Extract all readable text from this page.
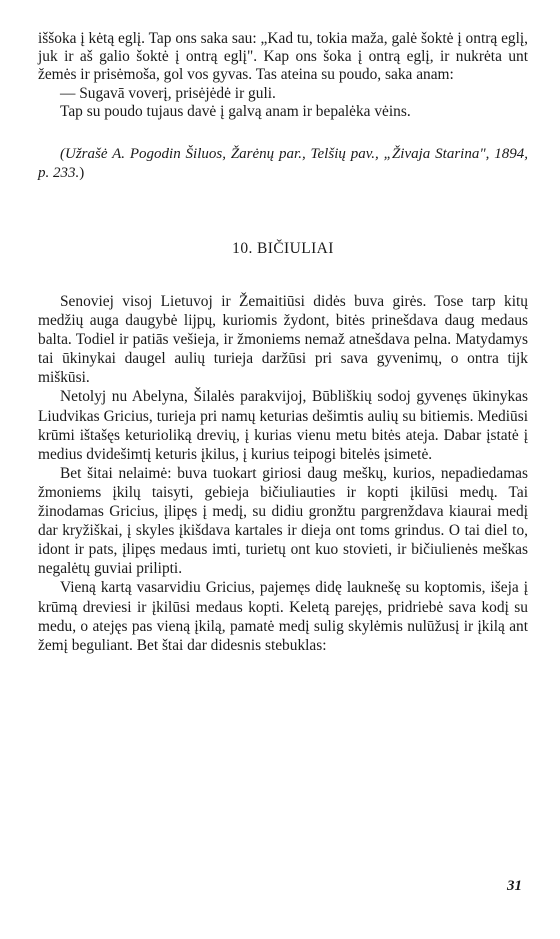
iššoka į kėtą eglį. Tap ons saka sau: „Kad tu, tokia maža, galė šoktė į ontrą eglį, juk ir aš galio šoktė į ontrą eglį". Kap ons šoka į ontrą eglį, ir nukrėta unt žemės ir prisėmoša, gol vos gyvas. Tas ateina su poudo, saka anam:

— Sugavā voverį, prisėjėdė ir guli.

Tap su poudo tujaus davė į galvą anam ir bepalėka vėins.

(Užrašė A. Pogodin Šiluos, Žarėnų par., Telšių pav., „Živaja Starina", 1894, p. 233.)

10. BIČIULIAI

Senoviej visoj Lietuvoj ir Žemaitiūsi didės buva girės. Tose tarp kitų medžių auga daugybė lijpų, kuriomis žydont, bitės prinešdava daug medaus balta. Todiel ir patiās vešieja, ir žmoniems nemaž atnešdava pelna. Matydamys tai ūkinykai daugel aulių turieja daržūsi pri sava gyvenimų, o ontra tijk miškūsi.

Netolyj nu Abelyna, Šilalės parakvijoj, Būbliškių sodoj gyvenęs ūkinykas Liudvikas Gricius, turieja pri namų keturias dešimtis aulių su bitiemis. Mediūsi krūmi ištašęs keturioliką drevių, į kurias vienu metu bitės ateja. Dabar įstatė į medius dvidešimtį keturis įkilus, į kurius teipogi bitelės įsimetė.

Bet šitai nelaimė: buva tuokart giriosi daug meškų, kurios, nepadiedamas žmoniems įkilų taisyti, gebieja bičiuliauties ir kopti įkilūsi medų. Tai žinodamas Gricius, įlipęs į medį, su didiu gronžtu pargrenždava kiaurai medį dar kryžiškai, į skyles įkišdava kartales ir dieja ont toms grindus. O tai diel to, idont ir pats, įlipęs medaus imti, turietų ont kuo stovieti, ir bičiulienės meškas negalėtų guviai prilipti.

Vieną kartą vasarvidiu Gricius, pajemęs didę lauknešę su koptomis, išeja į krūmą dreviesi ir įkilūsi medaus kopti. Keletą parejęs, pridriebė sava kodį su medu, o atejęs pas vieną įkilą, pamatė medį sulig skylėmis nulūžusį ir įkilą ant žemį beguliant. Bet štai dar didesnis stebuklas:

31
